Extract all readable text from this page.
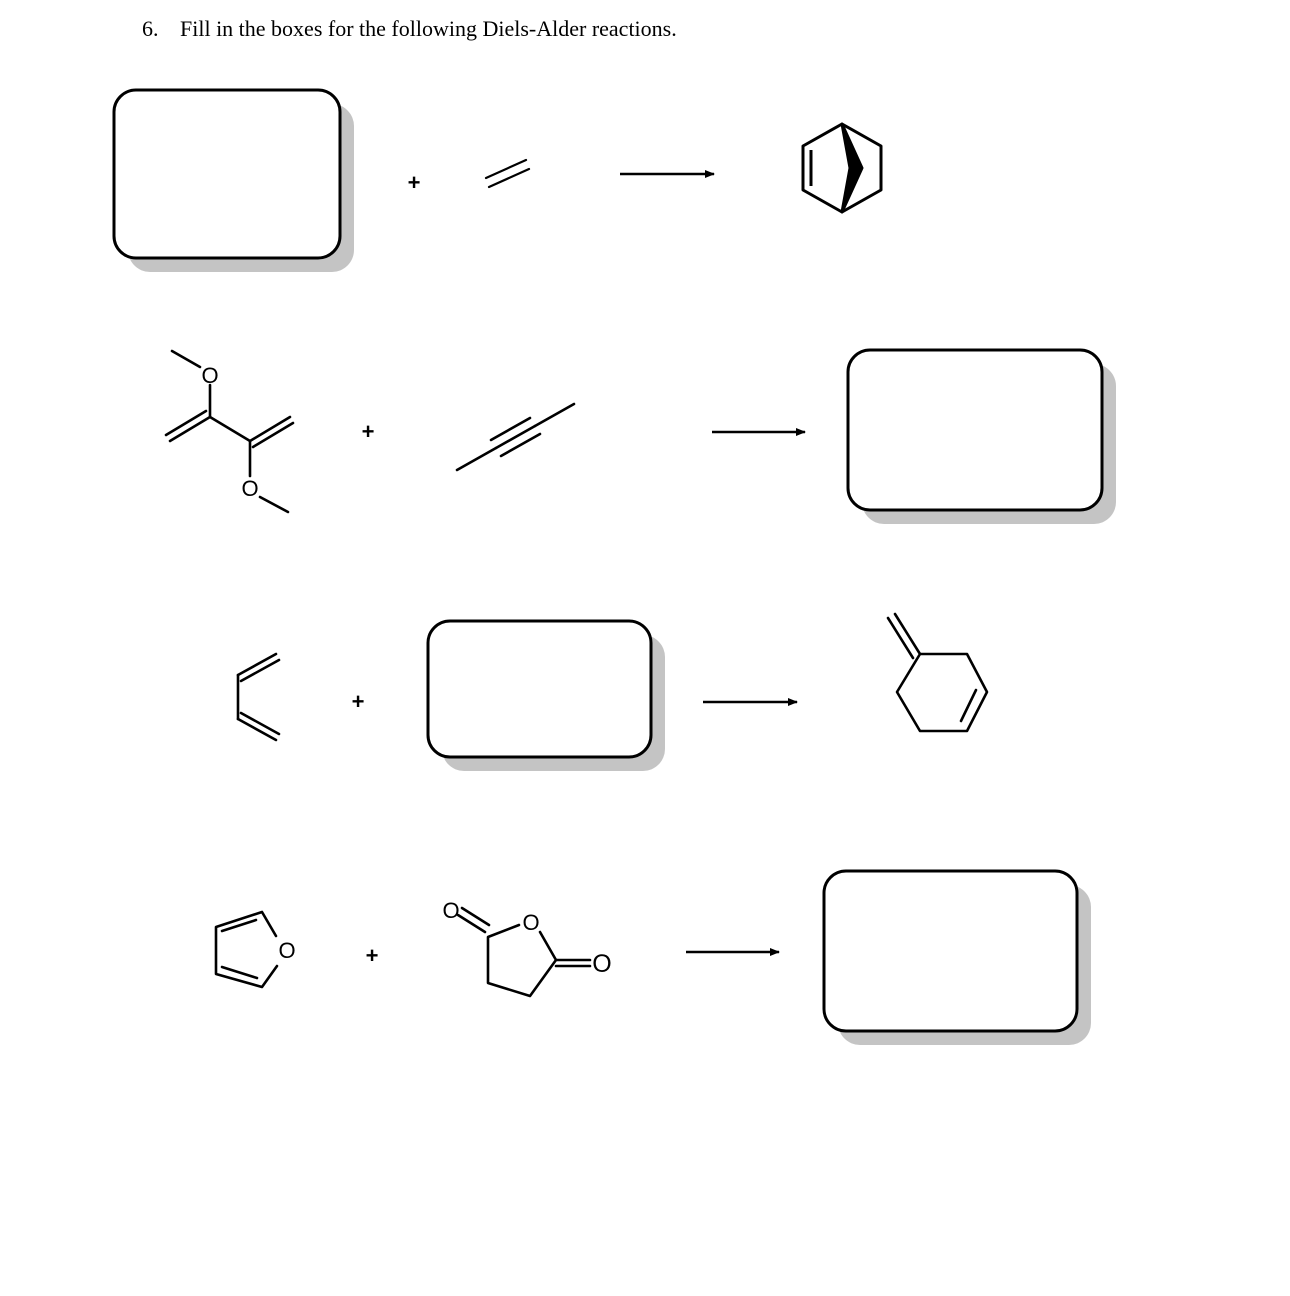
6. Fill in the boxes for the following Diels-Alder reactions.
+
O
O
+
+
O	+
O	O
O
